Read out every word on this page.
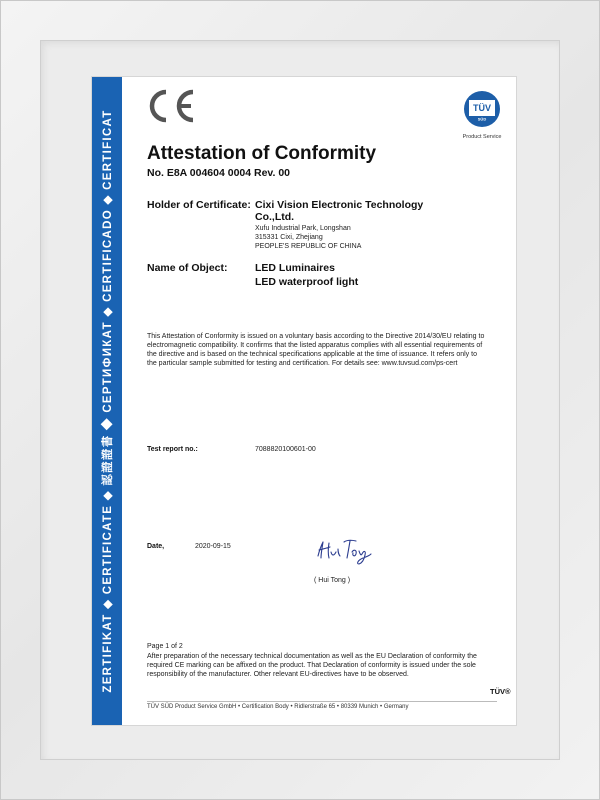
ZERTIFIKAT ◆ CERTIFICATE ◆ 認證證書 ◆ СЕРТИФИКАТ ◆ CERTIFICADO ◆ CERTIFICAT
TÜV
SÜD
Product Service
Attestation of Conformity
No. E8A 004604 0004 Rev. 00
Holder of Certificate: Cixi Vision Electronic Technology
Co.,Ltd.
Xufu Industrial Park, Longshan
315331 Cixi, Zhejiang
PEOPLE'S REPUBLIC OF CHINA
Name of Object:	LED Luminaires
LED waterproof light
This Attestation of Conformity is issued on a voluntary basis according to the Directive 2014/30/EU relating to electromagnetic compatibility. It confirms that the listed apparatus complies with all essential requirements of the directive and is based on the technical specifications applicable at the time of issuance. It refers only to the particular sample submitted for testing and certification. For details see: www.tuvsud.com/ps-cert
Test report no.:	7088820100601-00
Date,	2020-09-15
( Hui Tong )
Page 1 of 2
After preparation of the necessary technical documentation as well as the EU Declaration of conformity the required CE marking can be affixed on the product. That Declaration of conformity is issued under the sole responsibility of the manufacturer. Other relevant EU-directives have to be observed.
TÜV®
TÜV SÜD Product Service GmbH • Certification Body • Ridlerstraße 65 • 80339 Munich • Germany
